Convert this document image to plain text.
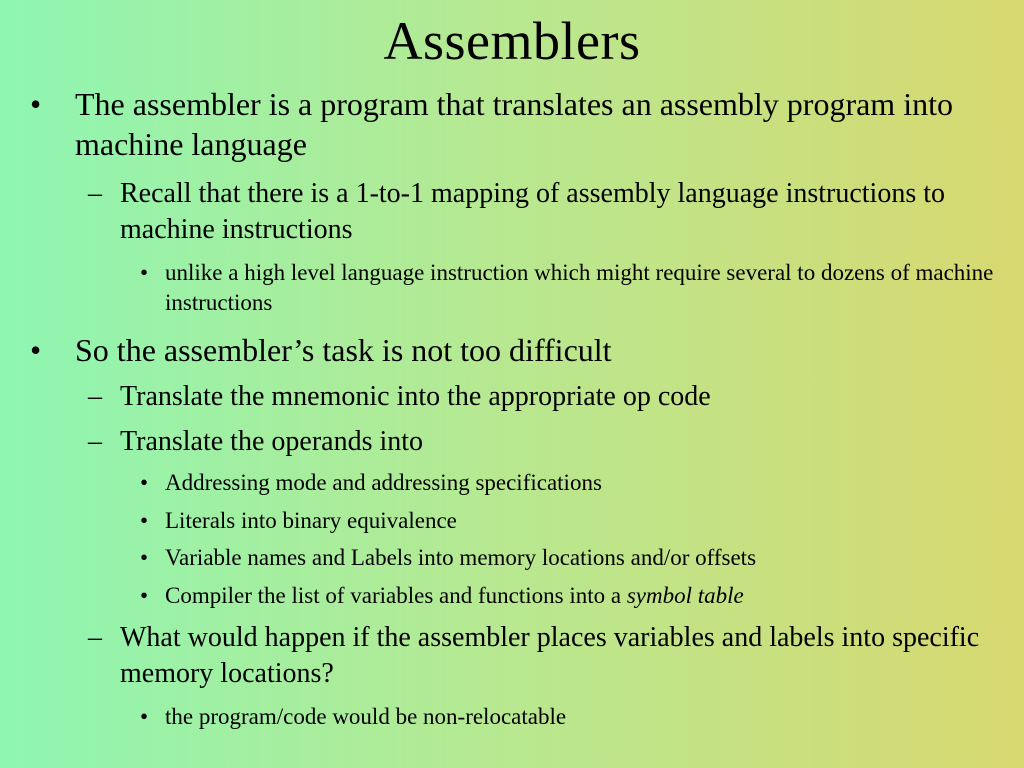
Assemblers
•	The assembler is a program that translates an assembly program into machine language
– Recall that there is a 1-to-1 mapping of assembly language instructions to machine instructions
• unlike a high level language instruction which might require several to dozens of machine instructions
•	So the assembler’s task is not too difficult
– Translate the mnemonic into the appropriate op code
– Translate the operands into
• Addressing mode and addressing specifications
• Literals into binary equivalence
• Variable names and Labels into memory locations and/or offsets
• Compiler the list of variables and functions into a symbol table
– What would happen if the assembler places variables and labels into specific memory locations?
• the program/code would be non-relocatable
